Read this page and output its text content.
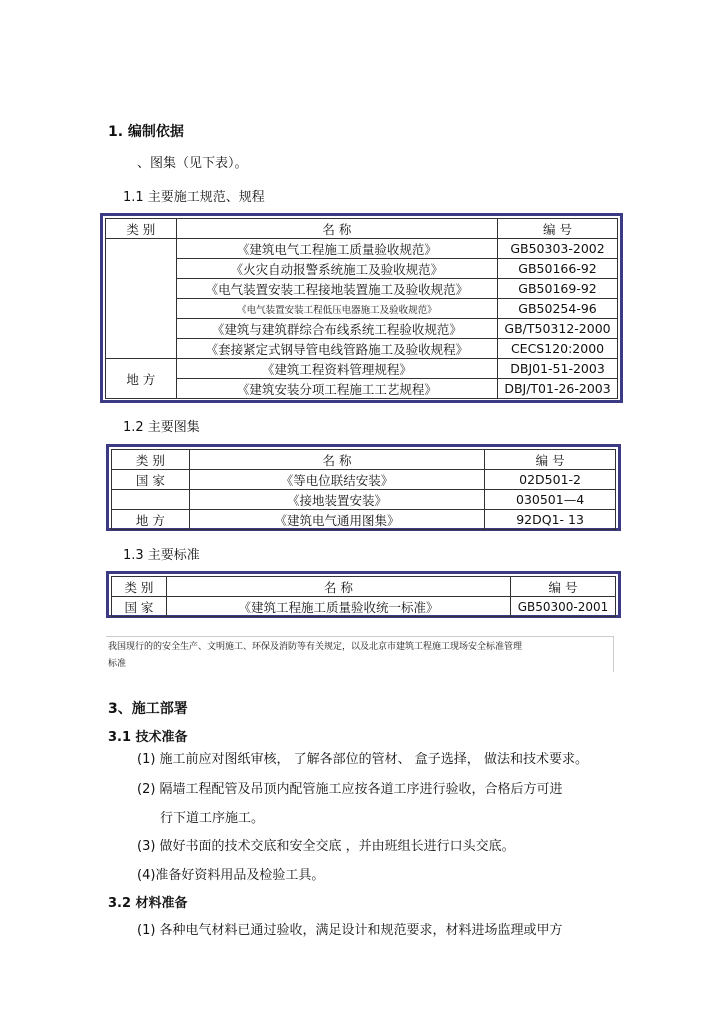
1. 编制依据
、图集（见下表）。
1.1 主要施工规范、规程
类 别	名 称	编 号
	《建筑电气工程施工质量验收规范》	GB50303-2002
	《火灾自动报警系统施工及验收规范》	GB50166-92
	《电气装置安装工程接地装置施工及验收规范》	GB50169-92
	《电气装置安装工程低压电器施工及验收规范》	GB50254-96
	《建筑与建筑群综合布线系统工程验收规范》	GB/T50312-2000
	《套接紧定式钢导管电线管路施工及验收规程》	CECS120:2000
地 方	《建筑工程资料管理规程》	DBJ01-51-2003
	《建筑安装分项工程施工工艺规程》	DBJ/T01-26-2003
1.2 主要图集
类 别	名 称	编 号
国 家	《等电位联结安装》	02D501-2
	《接地装置安装》	030501—4
地 方	《建筑电气通用图集》	92DQ1- 13
1.3 主要标准
类 别	名 称	编 号
国 家	《建筑工程施工质量验收统一标准》	GB50300-2001
我国现行的的安全生产、文明施工、环保及消防等有关规定，以及北京市建筑工程施工现场安全标准管理
标准
3、施工部署
3.1 技术准备
(1) 施工前应对图纸审核， 了解各部位的管材、 盒子选择， 做法和技术要求。
(2) 隔墙工程配管及吊顶内配管施工应按各道工序进行验收，合格后方可进
行下道工序施工。
(3) 做好书面的技术交底和安全交底 ，并由班组长进行口头交底。
(4)准备好资料用品及检验工具。
3.2 材料准备
(1) 各种电气材料已通过验收，满足设计和规范要求，材料进场监理或甲方
